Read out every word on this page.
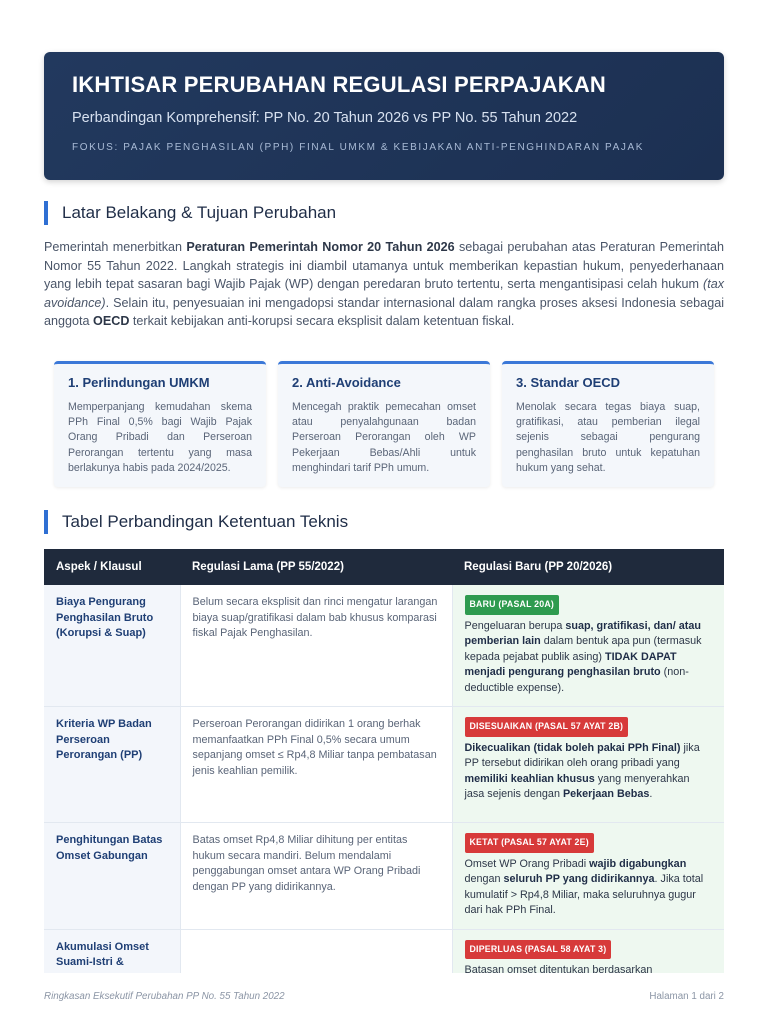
IKHTISAR PERUBAHAN REGULASI PERPAJAKAN
Perbandingan Komprehensif: PP No. 20 Tahun 2026 vs PP No. 55 Tahun 2022
FOKUS: PAJAK PENGHASILAN (PPH) FINAL UMKM & KEBIJAKAN ANTI-PENGHINDARAN PAJAK
Latar Belakang & Tujuan Perubahan
Pemerintah menerbitkan Peraturan Pemerintah Nomor 20 Tahun 2026 sebagai perubahan atas Peraturan Pemerintah Nomor 55 Tahun 2022. Langkah strategis ini diambil utamanya untuk memberikan kepastian hukum, penyederhanaan yang lebih tepat sasaran bagi Wajib Pajak (WP) dengan peredaran bruto tertentu, serta mengantisipasi celah hukum (tax avoidance). Selain itu, penyesuaian ini mengadopsi standar internasional dalam rangka proses aksesi Indonesia sebagai anggota OECD terkait kebijakan anti-korupsi secara eksplisit dalam ketentuan fiskal.
1. Perlindungan UMKM
Memperpanjang kemudahan skema PPh Final 0,5% bagi Wajib Pajak Orang Pribadi dan Perseroan Perorangan tertentu yang masa berlakunya habis pada 2024/2025.
2. Anti-Avoidance
Mencegah praktik pemecahan omset atau penyalahgunaan badan Perseroan Perorangan oleh WP Pekerjaan Bebas/Ahli untuk menghindari tarif PPh umum.
3. Standar OECD
Menolak secara tegas biaya suap, gratifikasi, atau pemberian ilegal sejenis sebagai pengurang penghasilan bruto untuk kepatuhan hukum yang sehat.
Tabel Perbandingan Ketentuan Teknis
Aspek / Klausul	Regulasi Lama (PP 55/2022)	Regulasi Baru (PP 20/2026)
Biaya Pengurang Penghasilan Bruto (Korupsi & Suap)	Belum secara eksplisit dan rinci mengatur larangan biaya suap/gratifikasi dalam bab khusus komparasi fiskal Pajak Penghasilan.	BARU (PASAL 20A)
Pengeluaran berupa suap, gratifikasi, dan/ atau pemberian lain dalam bentuk apa pun (termasuk kepada pejabat publik asing) TIDAK DAPAT menjadi pengurang penghasilan bruto (non-deductible expense).

Kriteria WP Badan Perseroan Perorangan (PP)	Perseroan Perorangan didirikan 1 orang berhak memanfaatkan PPh Final 0,5% secara umum sepanjang omset ≤ Rp4,8 Miliar tanpa pembatasan jenis keahlian pemilik.	DISESUAIKAN (PASAL 57 AYAT 2B)
Dikecualikan (tidak boleh pakai PPh Final) jika PP tersebut didirikan oleh orang pribadi yang memiliki keahlian khusus yang menyerahkan jasa sejenis dengan Pekerjaan Bebas.

Penghitungan Batas Omset Gabungan	Batas omset Rp4,8 Miliar dihitung per entitas hukum secara mandiri. Belum mendalami penggabungan omset antara WP Orang Pribadi dengan PP yang didirikannya.	KETAT (PASAL 57 AYAT 2E)
Omset WP Orang Pribadi wajib digabungkan dengan seluruh PP yang didirikannya. Jika total kumulatif > Rp4,8 Miliar, maka seluruhnya gugur dari hak PPh Final.

Akumulasi Omset Suami-Istri &		DIPERLUAS (PASAL 58 AYAT 3)
Batasan omset ditentukan berdasarkan
Ringkasan Eksekutif Perubahan PP No. 55 Tahun 2022	Halaman 1 dari 2
